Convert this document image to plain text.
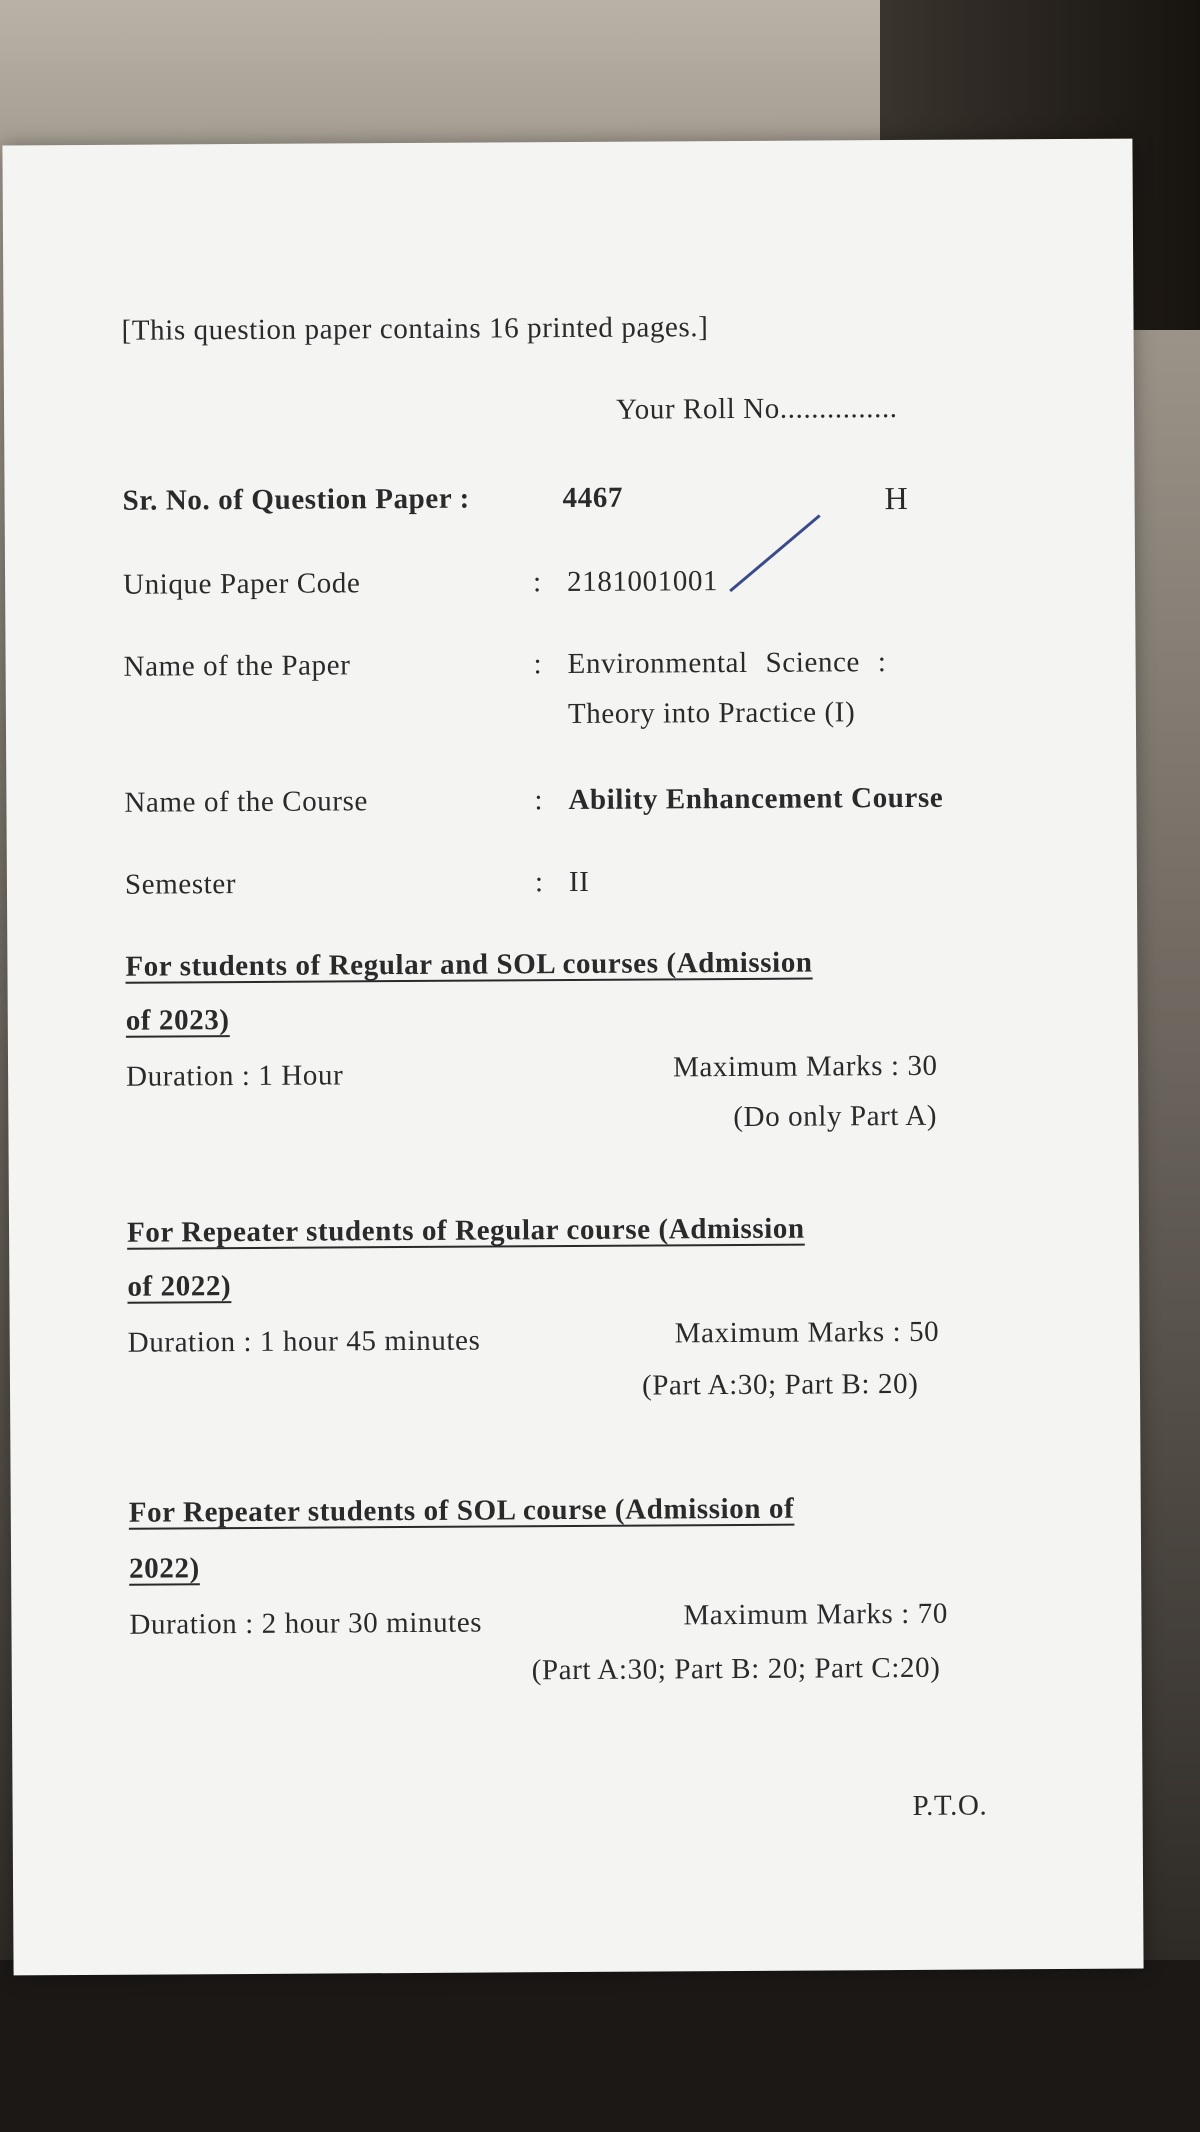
[This question paper contains 16 printed pages.]
Your Roll No...............
Sr. No. of Question Paper :	4467	H
Unique Paper Code	: 2181001001
Name of the Paper	: Environmental Science :
Theory into Practice (I)
Name of the Course	: Ability Enhancement Course
Semester	: II
For students of Regular and SOL courses (Admission
of 2023)
Duration : 1 Hour	Maximum Marks : 30
(Do only Part A)
For Repeater students of Regular course (Admission
of 2022)
Duration : 1 hour 45 minutes	Maximum Marks : 50
(Part A:30; Part B: 20)
For Repeater students of SOL course (Admission of
2022)
Duration : 2 hour 30 minutes	Maximum Marks : 70
(Part A:30; Part B: 20; Part C:20)
P.T.O.
